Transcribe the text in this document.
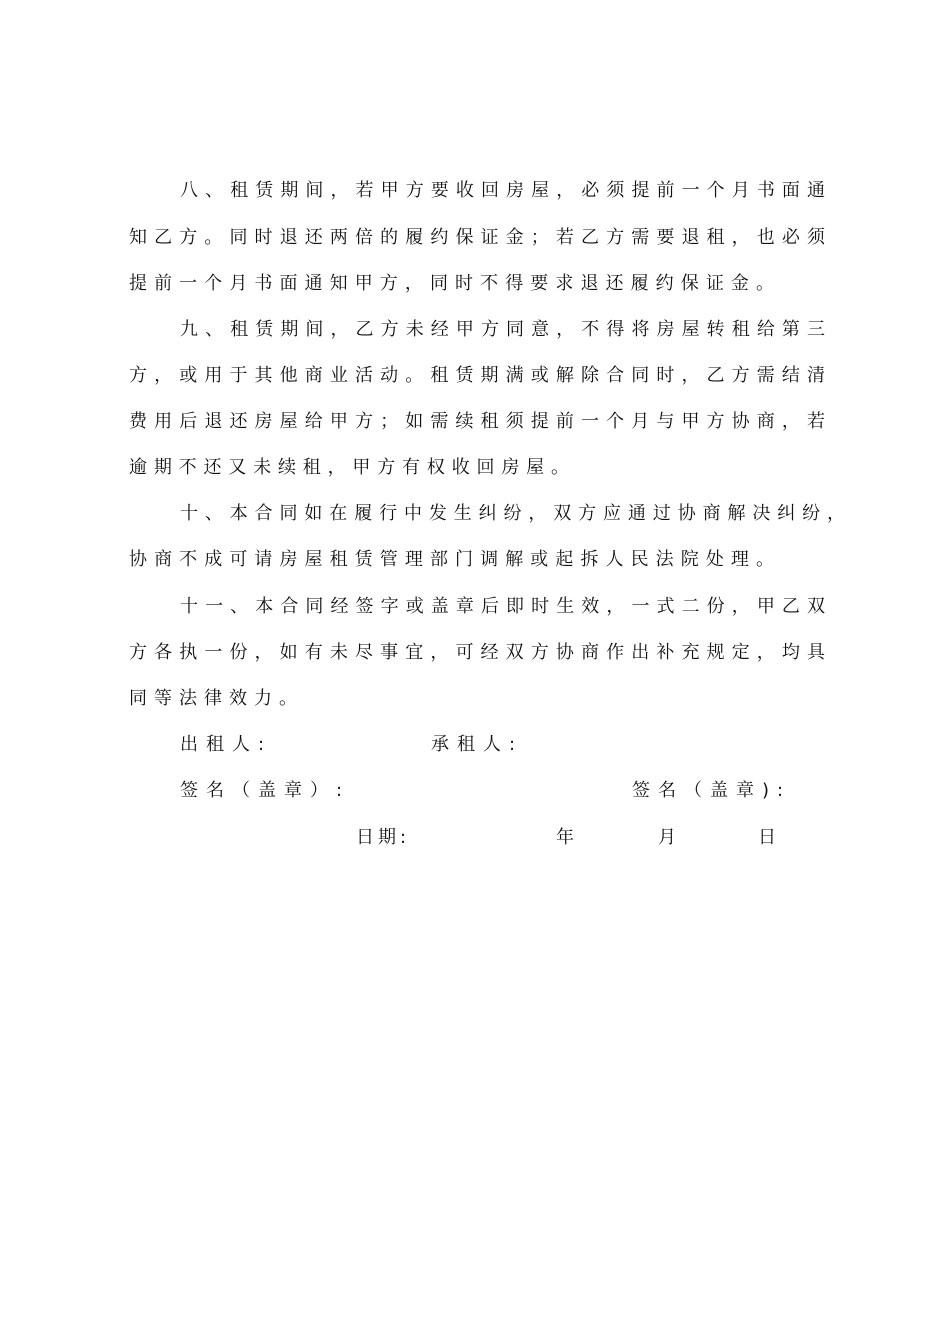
八、租赁期间，若甲方要收回房屋，必须提前一个月书面通
知乙方。同时退还两倍的履约保证金；若乙方需要退租，也必须
提前一个月书面通知甲方，同时不得要求退还履约保证金。
九、租赁期间，乙方未经甲方同意，不得将房屋转租给第三
方，或用于其他商业活动。租赁期满或解除合同时，乙方需结清
费用后退还房屋给甲方；如需续租须提前一个月与甲方协商，若
逾期不还又未续租，甲方有权收回房屋。
十、本合同如在履行中发生纠纷，双方应通过协商解决纠纷，
协商不成可请房屋租赁管理部门调解或起拆人民法院处理。
十一、本合同经签字或盖章后即时生效，一式二份，甲乙双
方各执一份，如有未尽事宜，可经双方协商作出补充规定，均具
同等法律效力。
出租人:	承租人:
签名（盖章）:	签名（盖章):
日期:	年	月	日
